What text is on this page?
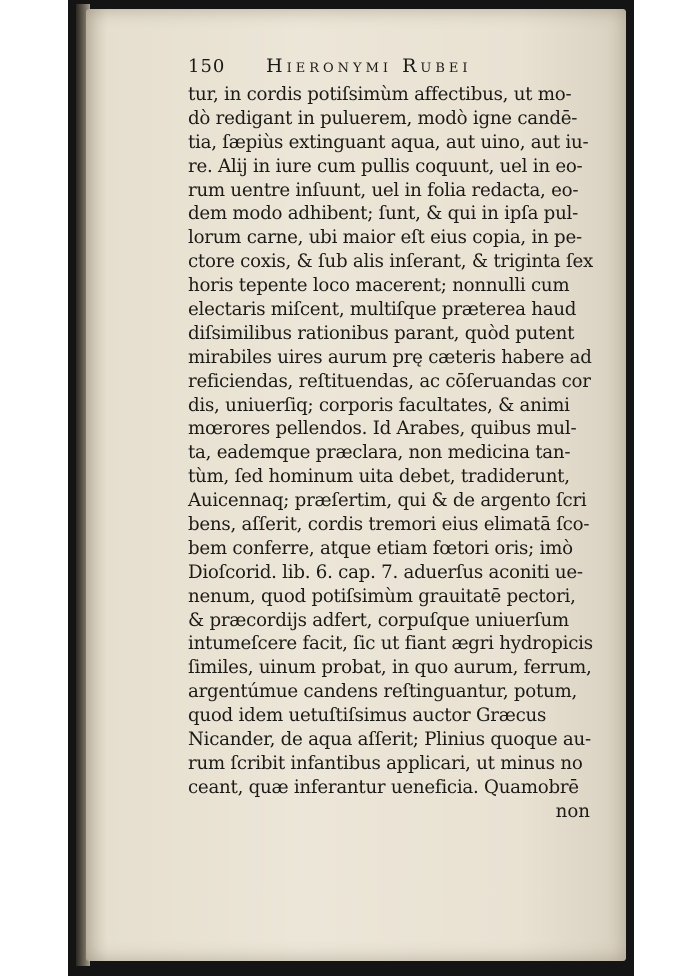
150	Hieronymi Rubei
tur, in cordis potiſsimùm affectibus, ut mo-
dò redigant in puluerem, modò igne candē-
tia, ſæpiùs extinguant aqua, aut uino, aut iu-
re. Alij in iure cum pullis coquunt, uel in eo-
rum uentre inſuunt, uel in folia redacta, eo-
dem modo adhibent; ſunt, & qui in ipſa pul-
lorum carne, ubi maior eſt eius copia, in pe-
ctore coxis, & ſub alis inſerant, & triginta ſex
horis tepente loco macerent; nonnulli cum
electaris miſcent, multiſque præterea haud
diſsimilibus rationibus parant, quòd putent
mirabiles uires aurum prę cæteris habere ad
reficiendas, reſtituendas, ac cōſeruandas cor
dis, uniuerſiq; corporis facultates, & animi
mœrores pellendos. Id Arabes, quibus mul-
ta, eademque præclara, non medicina tan-
tùm, ſed hominum uita debet, tradiderunt,
Auicennaq; præſertim, qui & de argento ſcri
bens, aſſerit, cordis tremori eius elimatā ſco-
bem conferre, atque etiam fœtori oris; imò
Dioſcorid. lib. 6. cap. 7. aduerſus aconiti ue-
nenum, quod potiſsimùm grauitatē pectori,
& præcordijs adfert, corpuſque uniuerſum
intumeſcere facit, ſic ut fiant ægri hydropicis
ſimiles, uinum probat, in quo aurum, ferrum,
argentúmue candens reſtinguantur, potum,
quod idem uetuſtiſsimus auctor Græcus
Nicander, de aqua aſſerit; Plinius quoque au-
rum ſcribit infantibus applicari, ut minus no
ceant, quæ inferantur ueneficia. Quamobrē
non
